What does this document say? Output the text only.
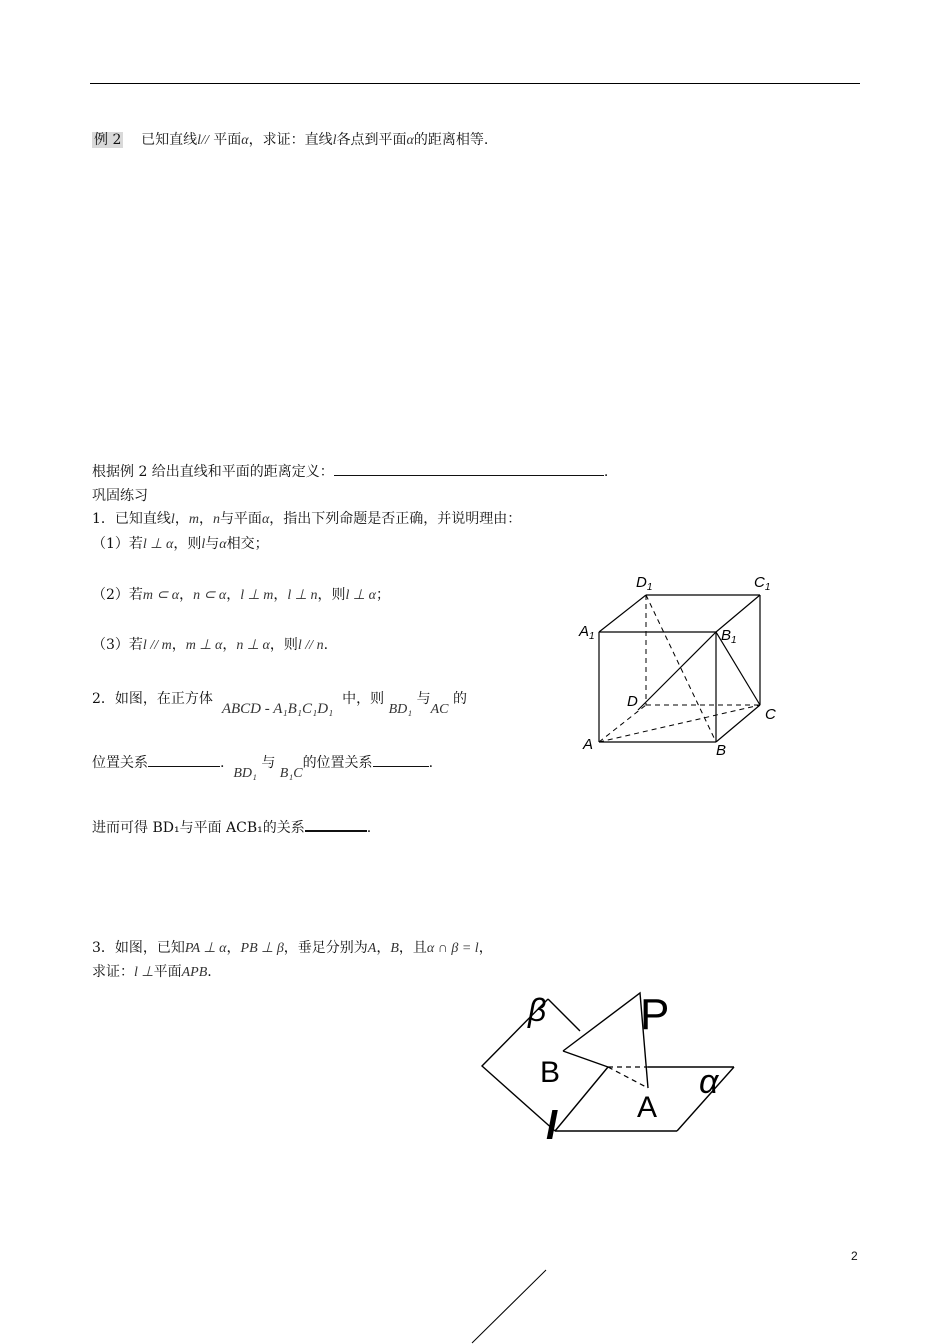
例 2 已知直线l// 平面α，求证：直线l各点到平面α的距离相等.
根据例 2 给出直线和平面的距离定义：	.
巩固练习
1．已知直线l，m，n与平面α，指出下列命题是否正确，并说明理由：
（1）若l ⊥ α，则l与α相交；
（2）若m ⊂ α，n ⊂ α，l ⊥ m，l ⊥ n，则l ⊥ α；
（3）若l // m，m ⊥ α，n ⊥ α，则l // n.
2．如图，在正方体  ABCD - A₁B₁C₁D₁  中，则 BD₁ 与AC 的
位置关系	.  BD₁ 与 B₁C的位置关系	.
进而可得 BD₁与平面 ACB₁的关系	.
3．如图，已知PA ⊥ α，PB ⊥ β，垂足分别为A，B，且α ∩ β = l，
求证：l ⊥平面APB.
$D_1$	$C_1$
$A_1$	$B_1$
D
C
A	B
β P
B	α
A
l
2
